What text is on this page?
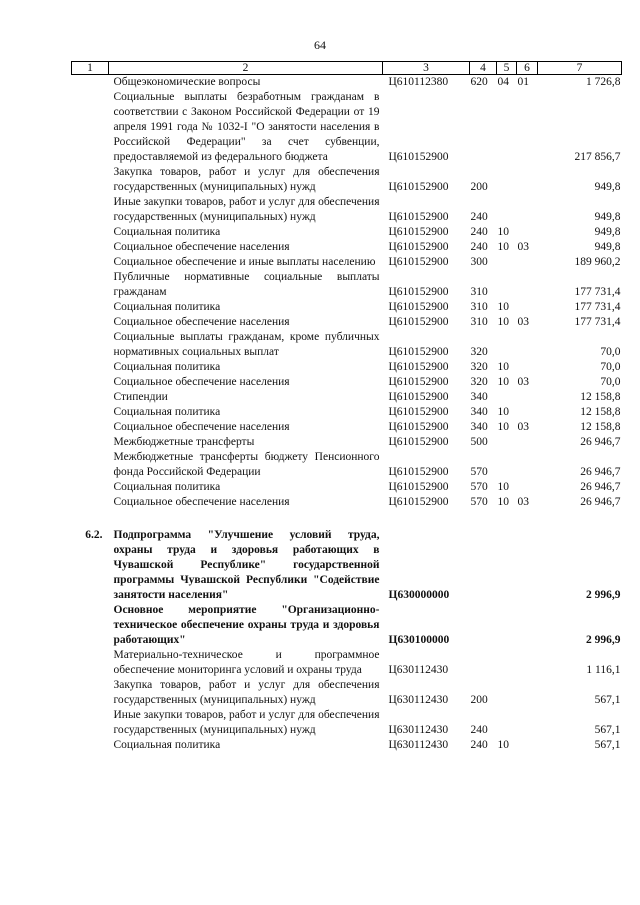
64
1	2	3	4	5	6	7
	Общеэкономические вопросы	Ц610112380	620	04	01	1 726,8
	Социальные выплаты безработным гражданам в соответствии с Законом Российской Федерации от 19 апреля 1991 года № 1032-I "О занятости населения в Российской Федерации" за счет субвенции, предоставляемой из федерального бюджета	Ц610152900				217 856,7
	Закупка товаров, работ и услуг для обеспечения государственных (муниципальных) нужд	Ц610152900	200			949,8
	Иные закупки товаров, работ и услуг для обеспечения государственных (муниципальных) нужд	Ц610152900	240			949,8
	Социальная политика	Ц610152900	240	10		949,8
	Социальное обеспечение населения	Ц610152900	240	10	03	949,8
	Социальное обеспечение и иные выплаты населению	Ц610152900	300			189 960,2
	Публичные нормативные социальные выплаты гражданам	Ц610152900	310			177 731,4
	Социальная политика	Ц610152900	310	10		177 731,4
	Социальное обеспечение населения	Ц610152900	310	10	03	177 731,4
	Социальные выплаты гражданам, кроме публичных нормативных социальных выплат	Ц610152900	320			70,0
	Социальная политика	Ц610152900	320	10		70,0
	Социальное обеспечение населения	Ц610152900	320	10	03	70,0
	Стипендии	Ц610152900	340			12 158,8
	Социальная политика	Ц610152900	340	10		12 158,8
	Социальное обеспечение населения	Ц610152900	340	10	03	12 158,8
	Межбюджетные трансферты	Ц610152900	500			26 946,7
	Межбюджетные трансферты бюджету Пенсионного фонда Российской Федерации	Ц610152900	570			26 946,7
	Социальная политика	Ц610152900	570	10		26 946,7
	Социальное обеспечение населения	Ц610152900	570	10	03	26 946,7

6.2.	Подпрограмма "Улучшение условий труда, охраны труда и здоровья работающих в Чувашской Республике" государственной программы Чувашской Республики "Содействие занятости населения"	Ц630000000				2 996,9
	Основное мероприятие "Организационно-техническое обеспечение охраны труда и здоровья работающих"	Ц630100000				2 996,9
	Материально-техническое и программное обеспечение мониторинга условий и охраны труда	Ц630112430				1 116,1
	Закупка товаров, работ и услуг для обеспечения государственных (муниципальных) нужд	Ц630112430	200			567,1
	Иные закупки товаров, работ и услуг для обеспечения государственных (муниципальных) нужд	Ц630112430	240			567,1
	Социальная политика	Ц630112430	240	10		567,1
